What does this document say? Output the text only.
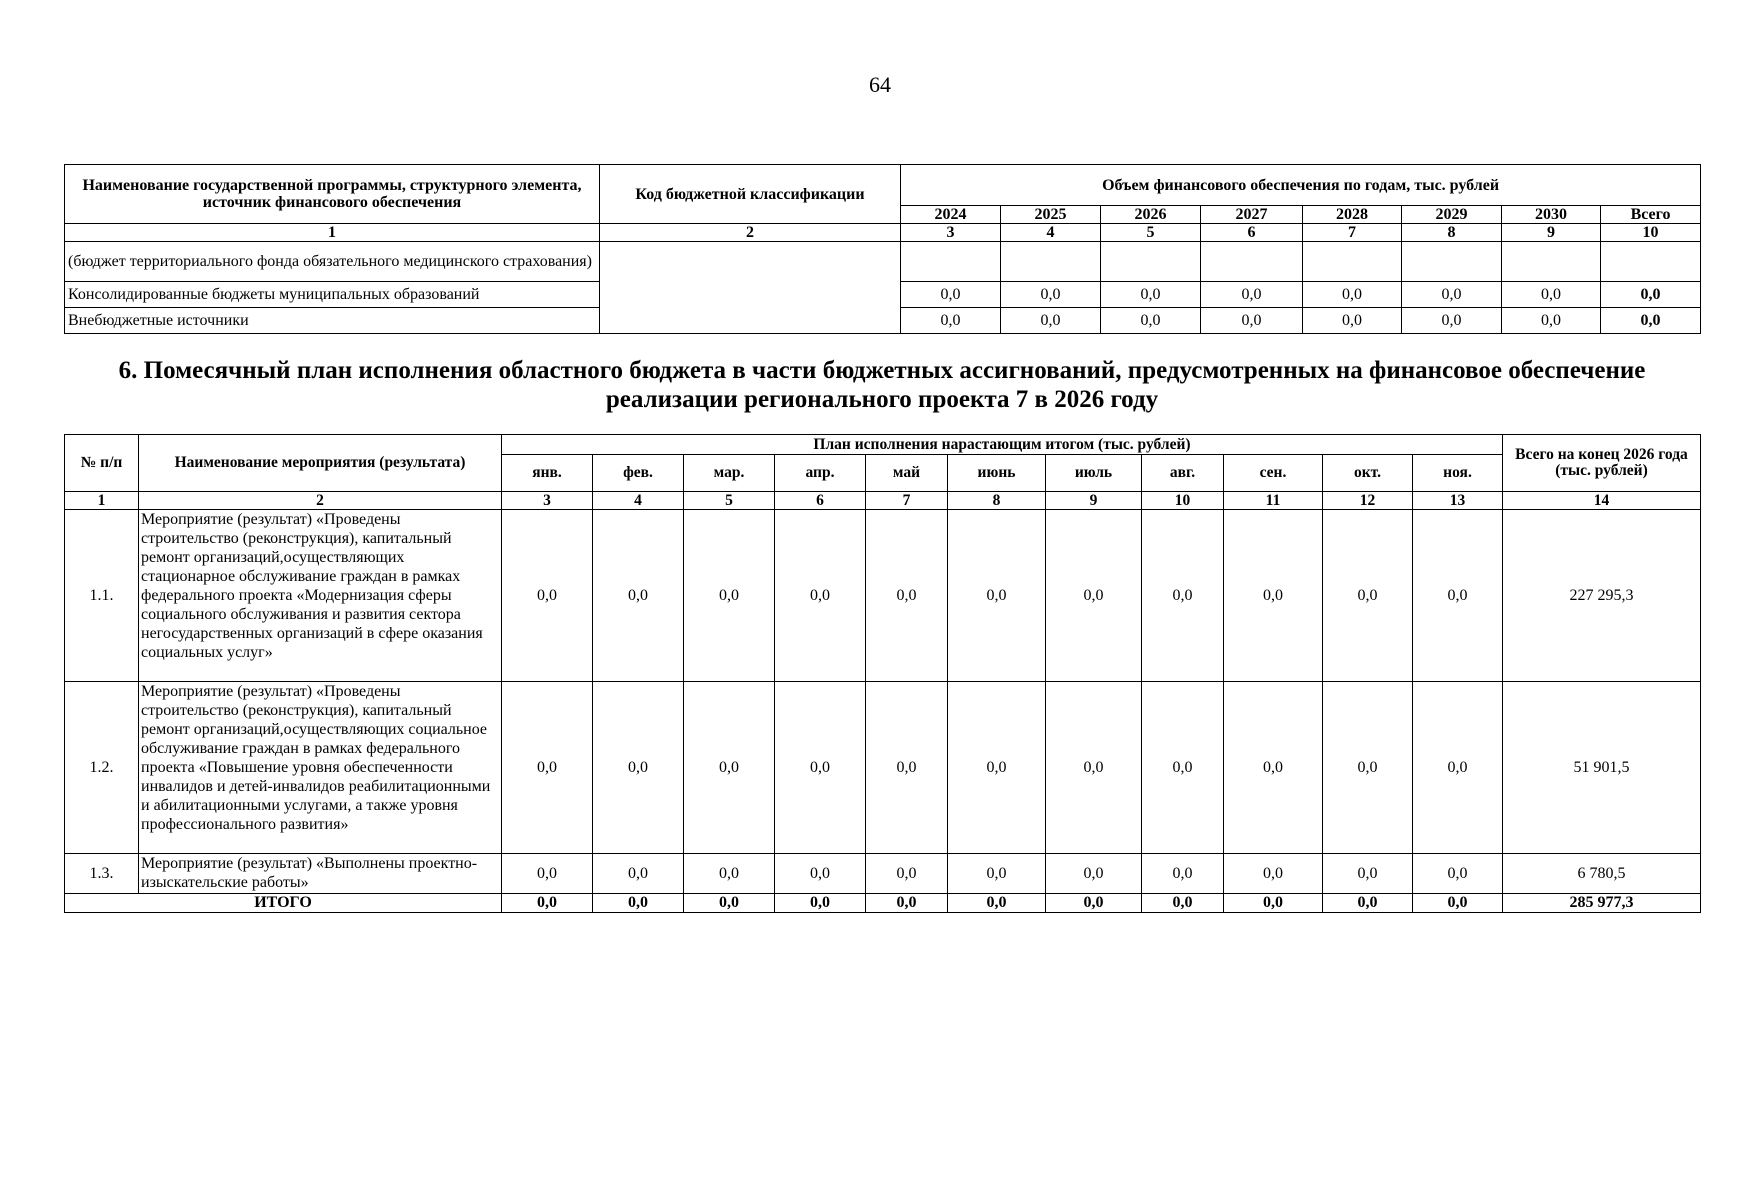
64
Наименование государственной программы, структурного элемента, источник финансового обеспечения	Код бюджетной классификации	Объем финансового обеспечения по годам, тыс. рублей							
		2024	2025	2026	2027	2028	2029	2030	Всего
1	2	3	4	5	6	7	8	9	10
(бюджет территориального фонда обязательного медицинского страхования)									
Консолидированные бюджеты муниципальных образований		0,0	0,0	0,0	0,0	0,0	0,0	0,0	0,0
Внебюджетные источники		0,0	0,0	0,0	0,0	0,0	0,0	0,0	0,0
6. Помесячный план исполнения областного бюджета в части бюджетных ассигнований, предусмотренных на финансовое обеспечение реализации регионального проекта 7 в 2026 году
№ п/п	Наименование мероприятия (результата)	План исполнения нарастающим итогом (тыс. рублей)											Всего на конец 2026 года (тыс. рублей)
		янв.	фев.	мар.	апр.	май	июнь	июль	авг.	сен.	окт.	ноя.	
1	2	3	4	5	6	7	8	9	10	11	12	13	14
1.1.	Мероприятие (результат) «Проведены строительство (реконструкция), капитальный ремонт организаций,осуществляющих стационарное обслуживание граждан в рамках федерального проекта «Модернизация сферы социального обслуживания и развития сектора негосударственных организаций в сфере оказания социальных услуг»	0,0	0,0	0,0	0,0	0,0	0,0	0,0	0,0	0,0	0,0	0,0	227 295,3
1.2.	Мероприятие (результат) «Проведены строительство (реконструкция), капитальный ремонт организаций,осуществляющих социальное обслуживание граждан в рамках федерального проекта «Повышение уровня обеспеченности инвалидов и детей-инвалидов реабилитационными и абилитационными услугами, а также уровня профессионального развития»	0,0	0,0	0,0	0,0	0,0	0,0	0,0	0,0	0,0	0,0	0,0	51 901,5
1.3.	Мероприятие (результат) «Выполнены проектно-изыскательские работы»	0,0	0,0	0,0	0,0	0,0	0,0	0,0	0,0	0,0	0,0	0,0	6 780,5
ИТОГО		0,0	0,0	0,0	0,0	0,0	0,0	0,0	0,0	0,0	0,0	0,0	285 977,3
